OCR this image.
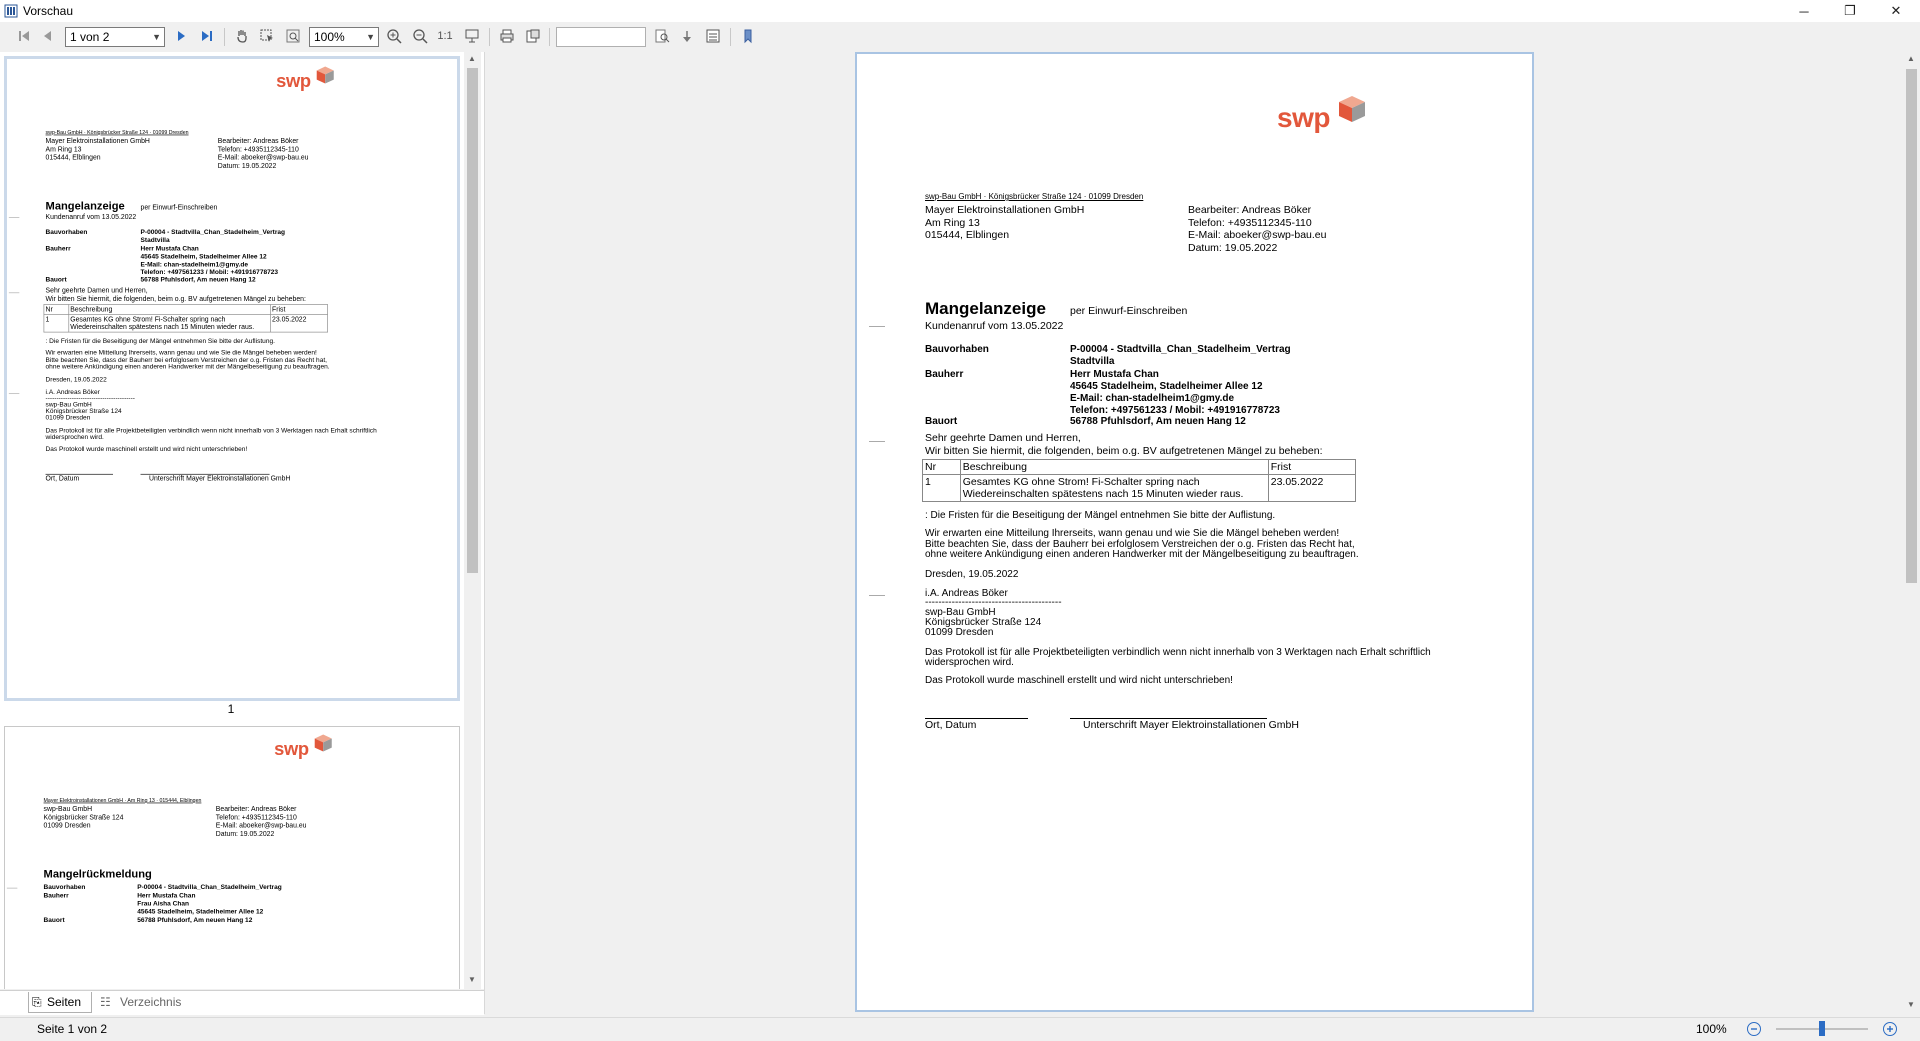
Vorschau	─	❐	✕
1 von 2	▼	100% ▼	1:1
swp
swp-Bau GmbH · Königsbrücker Straße 124 · 01099 Dresden
Mayer Elektroinstallationen GmbH
Am Ring 13
015444, Elblingen
Bearbeiter: Andreas Böker
Telefon: +4935112345-110
E-Mail: aboeker@swp-bau.eu
Datum: 19.05.2022
Mangelanzeige per Einwurf-Einschreiben
Kundenanruf vom 13.05.2022
Bauvorhaben	P-00004 - Stadtvilla_Chan_Stadelheim_Vertrag
Stadtvilla
Bauherr	Herr Mustafa Chan
45645 Stadelheim, Stadelheimer Allee 12
E-Mail: chan-stadelheim1@gmy.de
Telefon: +497561233 / Mobil: +491916778723
Bauort	56788 Pfuhlsdorf, Am neuen Hang 12
Sehr geehrte Damen und Herren,
Wir bitten Sie hiermit, die folgenden, beim o.g. BV aufgetretenen Mängel zu beheben:
Nr	Beschreibung	Frist
1	Gesamtes KG ohne Strom! Fi-Schalter spring nach Wiedereinschalten spätestens nach 15 Minuten wieder raus.	23.05.2022
: Die Fristen für die Beseitigung der Mängel entnehmen Sie bitte der Auflistung.
Wir erwarten eine Mitteilung Ihrerseits, wann genau und wie Sie die Mängel beheben werden!
Bitte beachten Sie, dass der Bauherr bei erfolglosem Verstreichen der o.g. Fristen das Recht hat,
ohne weitere Ankündigung einen anderen Handwerker mit der Mängelbeseitigung zu beauftragen.
Dresden, 19.05.2022
i.A. Andreas Böker
-----------------------------------------
swp-Bau GmbH
Königsbrücker Straße 124
01099 Dresden
Das Protokoll ist für alle Projektbeteiligten verbindlich wenn nicht innerhalb von 3 Werktagen nach Erhalt schriftlich
widersprochen wird.
Das Protokoll wurde maschinell erstellt und wird nicht unterschrieben!
Ort, Datum	Unterschrift Mayer Elektroinstallationen GmbH
1
swp
Mayer Elektroinstallationen GmbH · Am Ring 13 · 015444, Elblingen
swp-Bau GmbH
Königsbrücker Straße 124
01099 Dresden
Bearbeiter: Andreas Böker
Telefon: +4935112345-110
E-Mail: aboeker@swp-bau.eu
Datum: 19.05.2022
Mangelrückmeldung
Bauvorhaben	P-00004 - Stadtvilla_Chan_Stadelheim_Vertrag
Bauherr	Herr Mustafa Chan
Frau Aisha Chan
45645 Stadelheim, Stadelheimer Allee 12
Bauort	56788 Pfuhlsdorf, Am neuen Hang 12
▲
▼
⎘ Seiten ☷ Verzeichnis
swp
swp-Bau GmbH · Königsbrücker Straße 124 · 01099 Dresden
Mayer Elektroinstallationen GmbH
Am Ring 13
015444, Elblingen
Bearbeiter: Andreas Böker
Telefon: +4935112345-110
E-Mail: aboeker@swp-bau.eu
Datum: 19.05.2022
Mangelanzeige per Einwurf-Einschreiben
Kundenanruf vom 13.05.2022
Bauvorhaben	P-00004 - Stadtvilla_Chan_Stadelheim_Vertrag
Stadtvilla
Bauherr	Herr Mustafa Chan
45645 Stadelheim, Stadelheimer Allee 12
E-Mail: chan-stadelheim1@gmy.de
Telefon: +497561233 / Mobil: +491916778723
Bauort	56788 Pfuhlsdorf, Am neuen Hang 12
Sehr geehrte Damen und Herren,
Wir bitten Sie hiermit, die folgenden, beim o.g. BV aufgetretenen Mängel zu beheben:
Nr	Beschreibung	Frist
1	Gesamtes KG ohne Strom! Fi-Schalter spring nach Wiedereinschalten spätestens nach 15 Minuten wieder raus.	23.05.2022
: Die Fristen für die Beseitigung der Mängel entnehmen Sie bitte der Auflistung.
Wir erwarten eine Mitteilung Ihrerseits, wann genau und wie Sie die Mängel beheben werden!
Bitte beachten Sie, dass der Bauherr bei erfolglosem Verstreichen der o.g. Fristen das Recht hat,
ohne weitere Ankündigung einen anderen Handwerker mit der Mängelbeseitigung zu beauftragen.
Dresden, 19.05.2022
i.A. Andreas Böker
-----------------------------------------
swp-Bau GmbH
Königsbrücker Straße 124
01099 Dresden
Das Protokoll ist für alle Projektbeteiligten verbindlich wenn nicht innerhalb von 3 Werktagen nach Erhalt schriftlich
widersprochen wird.
Das Protokoll wurde maschinell erstellt und wird nicht unterschrieben!
Ort, Datum	Unterschrift Mayer Elektroinstallationen GmbH
▲
▼
Seite 1 von 2	100%
